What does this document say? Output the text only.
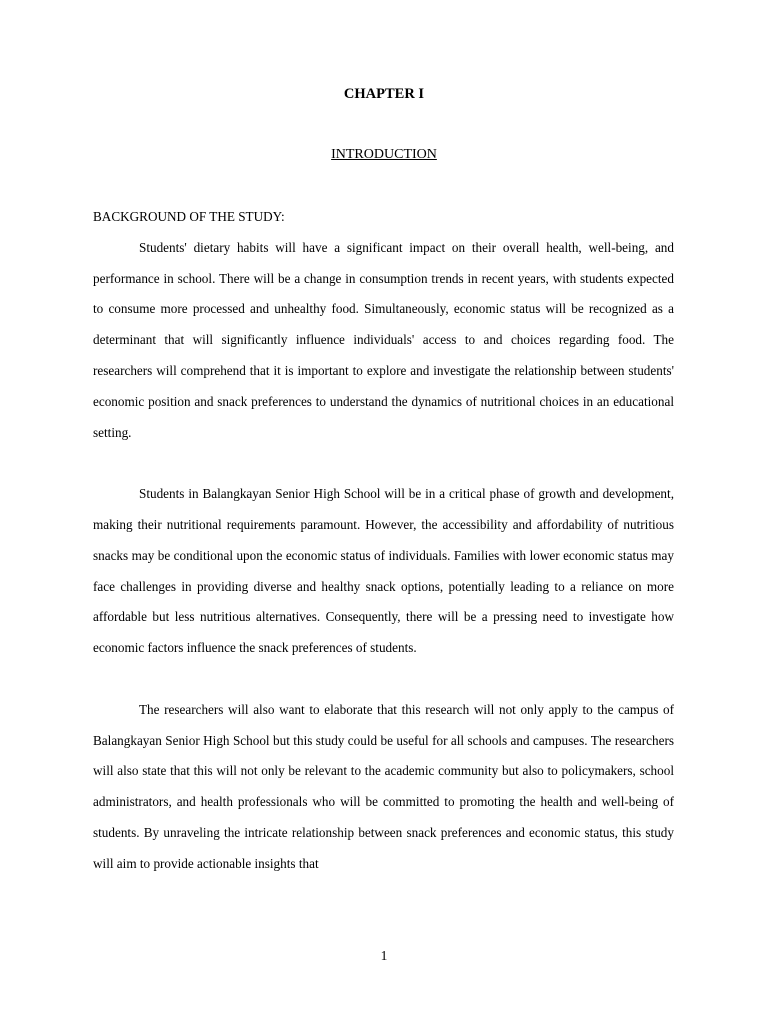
CHAPTER I
INTRODUCTION
BACKGROUND OF THE STUDY:

Students' dietary habits will have a significant impact on their overall health, well-being, and performance in school. There will be a change in consumption trends in recent years, with students expected to consume more processed and unhealthy food. Simultaneously, economic status will be recognized as a determinant that will significantly influence individuals' access to and choices regarding food. The researchers will comprehend that it is important to explore and investigate the relationship between students' economic position and snack preferences to understand the dynamics of nutritional choices in an educational setting.

Students in Balangkayan Senior High School will be in a critical phase of growth and development, making their nutritional requirements paramount. However, the accessibility and affordability of nutritious snacks may be conditional upon the economic status of individuals. Families with lower economic status may face challenges in providing diverse and healthy snack options, potentially leading to a reliance on more affordable but less nutritious alternatives. Consequently, there will be a pressing need to investigate how economic factors influence the snack preferences of students.

The researchers will also want to elaborate that this research will not only apply to the campus of Balangkayan Senior High School but this study could be useful for all schools and campuses. The researchers will also state that this will not only be relevant to the academic community but also to policymakers, school administrators, and health professionals who will be committed to promoting the health and well-being of students. By unraveling the intricate relationship between snack preferences and economic status, this study will aim to provide actionable insights that

1
